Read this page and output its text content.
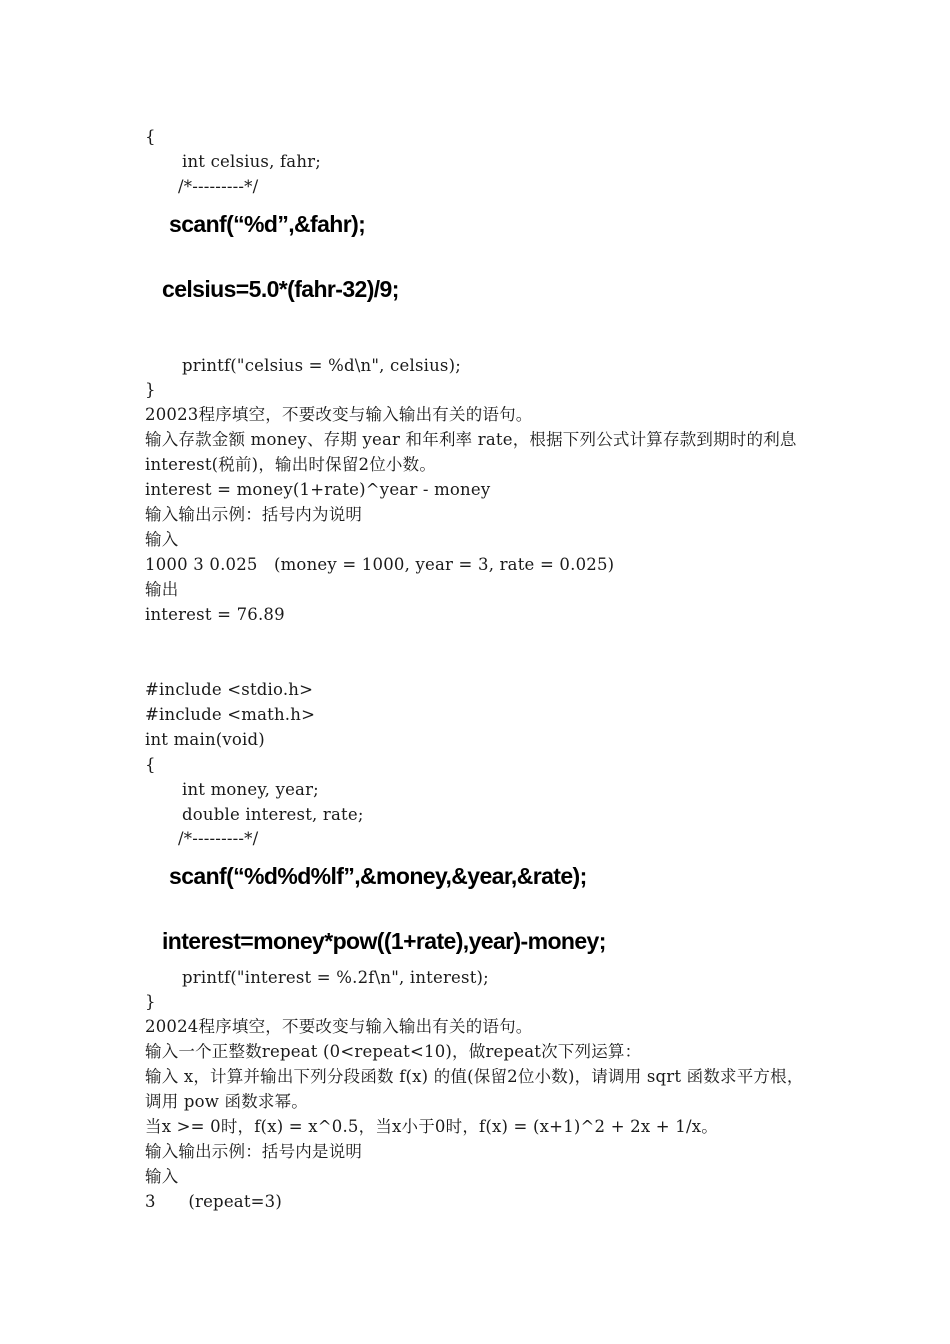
{
int celsius, fahr;
/*---------*/
scanf(“%d”,&fahr);
celsius=5.0*(fahr-32)/9;
printf("celsius = %d\n", celsius);
}
20023程序填空，不要改变与输入输出有关的语句。
输入存款金额 money、存期 year 和年利率 rate，根据下列公式计算存款到期时的利息 interest(税前)，输出时保留2位小数。
interest = money(1+rate)^year - money
输入输出示例：括号内为说明
输入
1000 3 0.025   (money = 1000, year = 3, rate = 0.025)
输出
interest = 76.89
#include <stdio.h>
#include <math.h>
int main(void)
{
int money, year;
double interest, rate;
/*---------*/
scanf(“%d%d%lf”,&money,&year,&rate);
interest=money*pow((1+rate),year)-money;
printf("interest = %.2f\n", interest);
}
20024程序填空，不要改变与输入输出有关的语句。
输入一个正整数repeat (0<repeat<10)，做repeat次下列运算：
输入 x，计算并输出下列分段函数 f(x) 的值(保留2位小数)，请调用 sqrt 函数求平方根，调用 pow 函数求幂。
当x >= 0时，f(x) = x^0.5，当x小于0时，f(x) = (x+1)^2 + 2x + 1/x。
输入输出示例：括号内是说明
输入
3      (repeat=3)
